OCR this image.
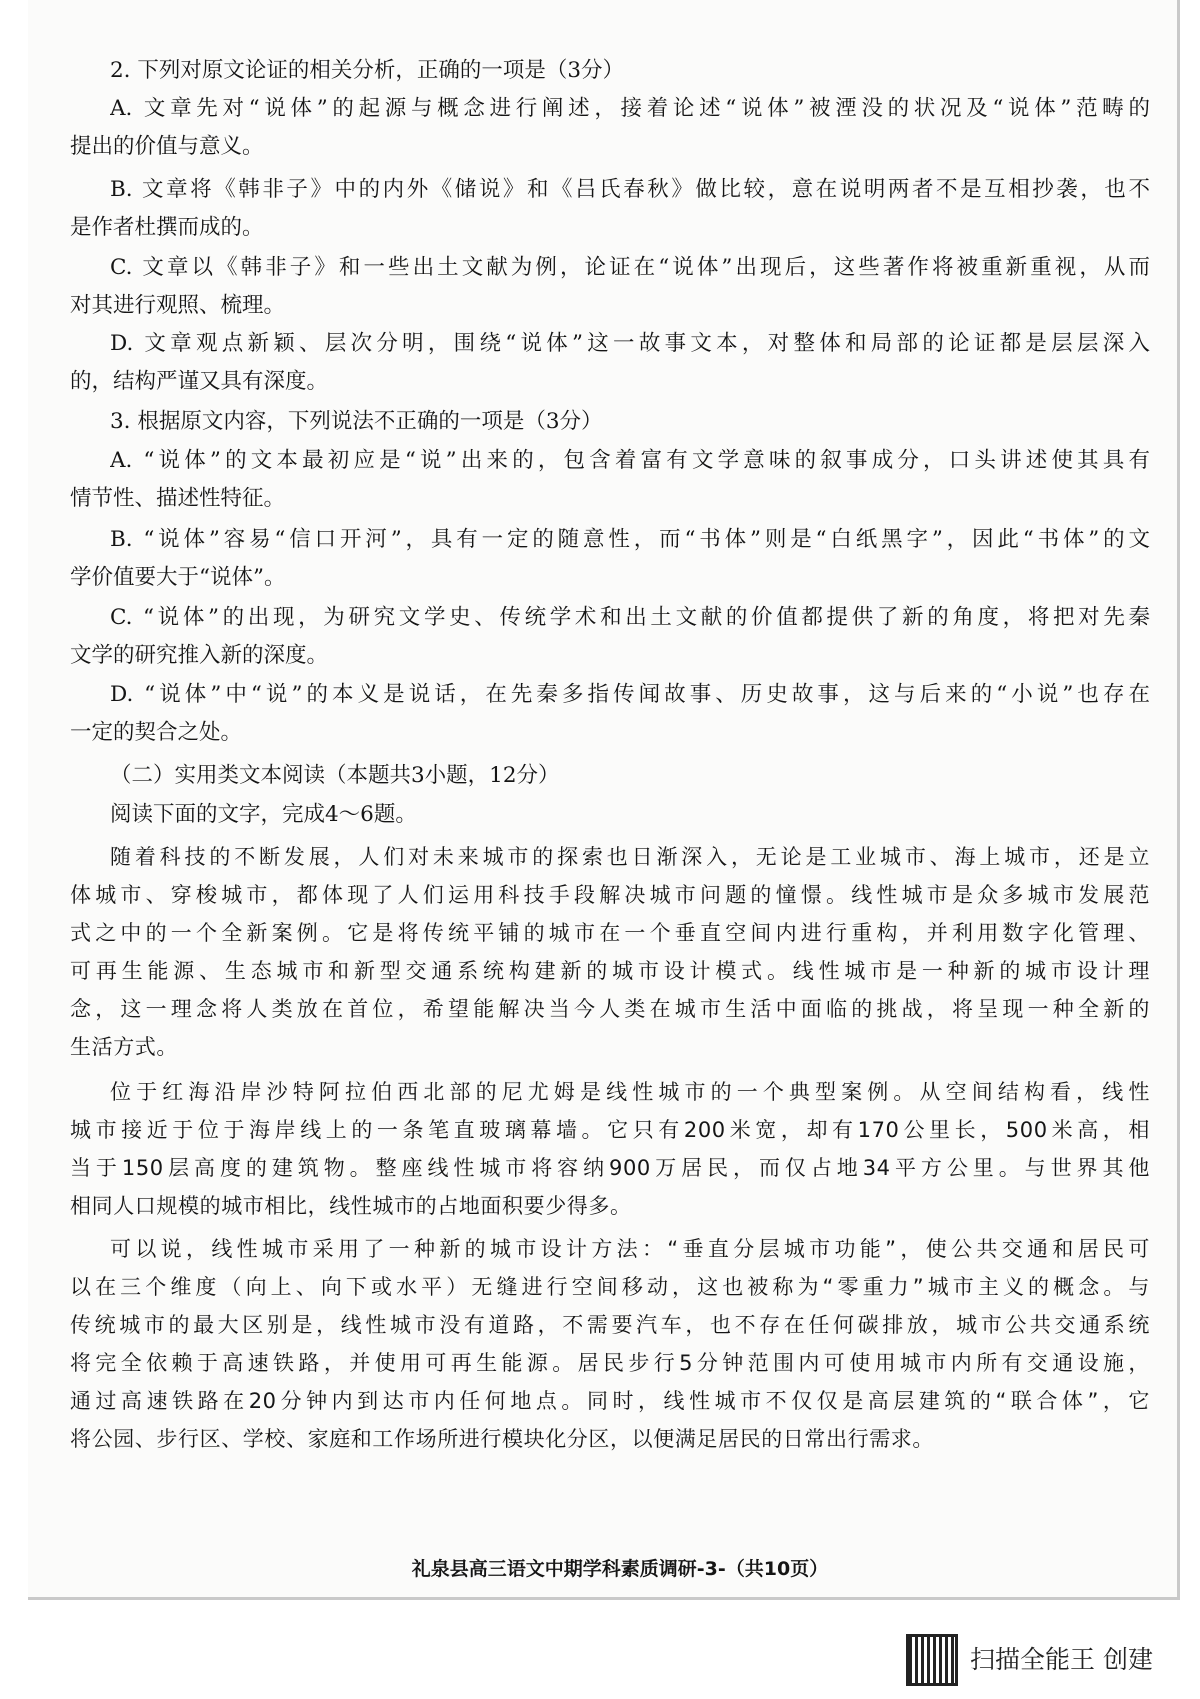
2. 下列对原文论证的相关分析，正确的一项是（3分）
A. 文章先对“说体”的起源与概念进行阐述，接着论述“说体”被湮没的状况及“说体”范畴的
提出的价值与意义。
B. 文章将《韩非子》中的内外《储说》和《吕氏春秋》做比较，意在说明两者不是互相抄袭，也不
是作者杜撰而成的。
C. 文章以《韩非子》和一些出土文献为例，论证在“说体”出现后，这些著作将被重新重视，从而
对其进行观照、梳理。
D. 文章观点新颖、层次分明，围绕“说体”这一故事文本，对整体和局部的论证都是层层深入
的，结构严谨又具有深度。
3. 根据原文内容，下列说法不正确的一项是（3分）
A. “说体”的文本最初应是“说”出来的，包含着富有文学意味的叙事成分，口头讲述使其具有
情节性、描述性特征。
B. “说体”容易“信口开河”，具有一定的随意性，而“书体”则是“白纸黑字”，因此“书体”的文
学价值要大于“说体”。
C. “说体”的出现，为研究文学史、传统学术和出土文献的价值都提供了新的角度，将把对先秦
文学的研究推入新的深度。
D. “说体”中“说”的本义是说话，在先秦多指传闻故事、历史故事，这与后来的“小说”也存在
一定的契合之处。
（二）实用类文本阅读（本题共3小题，12分）
阅读下面的文字，完成4～6题。
随着科技的不断发展，人们对未来城市的探索也日渐深入，无论是工业城市、海上城市，还是立
体城市、穿梭城市，都体现了人们运用科技手段解决城市问题的憧憬。线性城市是众多城市发展范
式之中的一个全新案例。它是将传统平铺的城市在一个垂直空间内进行重构，并利用数字化管理、
可再生能源、生态城市和新型交通系统构建新的城市设计模式。线性城市是一种新的城市设计理
念，这一理念将人类放在首位，希望能解决当今人类在城市生活中面临的挑战，将呈现一种全新的
生活方式。
位于红海沿岸沙特阿拉伯西北部的尼尤姆是线性城市的一个典型案例。从空间结构看，线性
城市接近于位于海岸线上的一条笔直玻璃幕墙。它只有200米宽，却有170公里长，500米高，相
当于150层高度的建筑物。整座线性城市将容纳900万居民，而仅占地34平方公里。与世界其他
相同人口规模的城市相比，线性城市的占地面积要少得多。
可以说，线性城市采用了一种新的城市设计方法：“垂直分层城市功能”，使公共交通和居民可
以在三个维度（向上、向下或水平）无缝进行空间移动，这也被称为“零重力”城市主义的概念。与
传统城市的最大区别是，线性城市没有道路，不需要汽车，也不存在任何碳排放，城市公共交通系统
将完全依赖于高速铁路，并使用可再生能源。居民步行5分钟范围内可使用城市内所有交通设施，
通过高速铁路在20分钟内到达市内任何地点。同时，线性城市不仅仅是高层建筑的“联合体”，它
将公园、步行区、学校、家庭和工作场所进行模块化分区，以便满足居民的日常出行需求。
礼泉县高三语文中期学科素质调研-3-（共10页）
扫描全能王 创建
